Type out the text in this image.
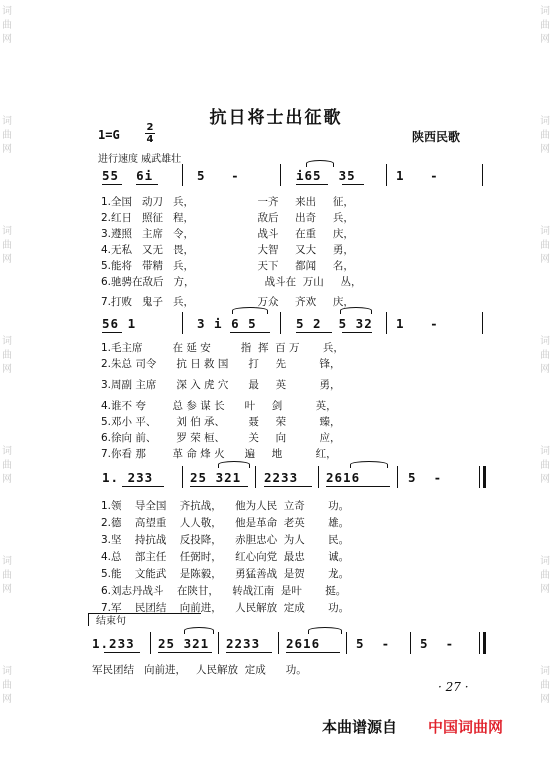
词
曲
网
词
曲
网
词
曲
网
词
曲
网
词
曲
网
词
曲
网
词
曲
网
词
曲
网
词
曲
网
词
曲
网
词
曲
网
词
曲
网
词
曲
网
词
曲
网
抗日将士出征歌
1=G
2
4	陕西民歌
进行速度 威武雄壮
55  6i	5   -	i65  35	1   -
1.全国   动刀   兵，                   一齐     来出     征，
2.红日   照征   程，                   敌后     出奇     兵，
3.遵照   主席   令，                   战斗     在重     庆，
4.无私   又无   畏，                   大智     又大     勇，
5.能将   带精   兵，                   天下     都闻     名，
6.驰骋在敌后   方，                     战斗在  万山     丛，
7.打败   鬼子   兵，                   万众     齐欢     庆，
56 1	3 i 6 5	5 2  5 32 1   -
1.毛主席         在 延 安         指  挥  百 万       兵，
2.朱总 司令      抗 日 救 国      打     先          锋，
3.周副 主席      深 入 虎 穴      最     英          勇，
4.谁不 夸        总 参 谋 长      叶     剑          英，
5.邓小 平、      刘 伯 承、       聂     荣          臻，
6.徐向 前、      罗 荣 桓、       关     向          应，
7.你看 那        革 命 烽 火      遍     地          红，
1. 233	25 321 2233 2616	5  -
1.领    导全国    齐抗战，    他为人民  立奇       功。
2.德    高望重    人人敬，    他是革命  老英       雄。
3.坚    持抗战    反投降，    赤胆忠心  为人       民。
4.总    部主任    任弼时，    红心向党  最忠       诚。
5.能    文能武    是陈毅，    勇猛善战  是贺       龙。
6.刘志丹战斗    在陕甘，    转战江南  是叶       挺。
7.军    民团结    向前进，    人民解放  定成       功。
结束句
1.233 25 321 2233 2616	5  - 5  -
军民团结   向前进，   人民解放  定成      功。
· 27 ·
本曲谱源自 中国词曲网
